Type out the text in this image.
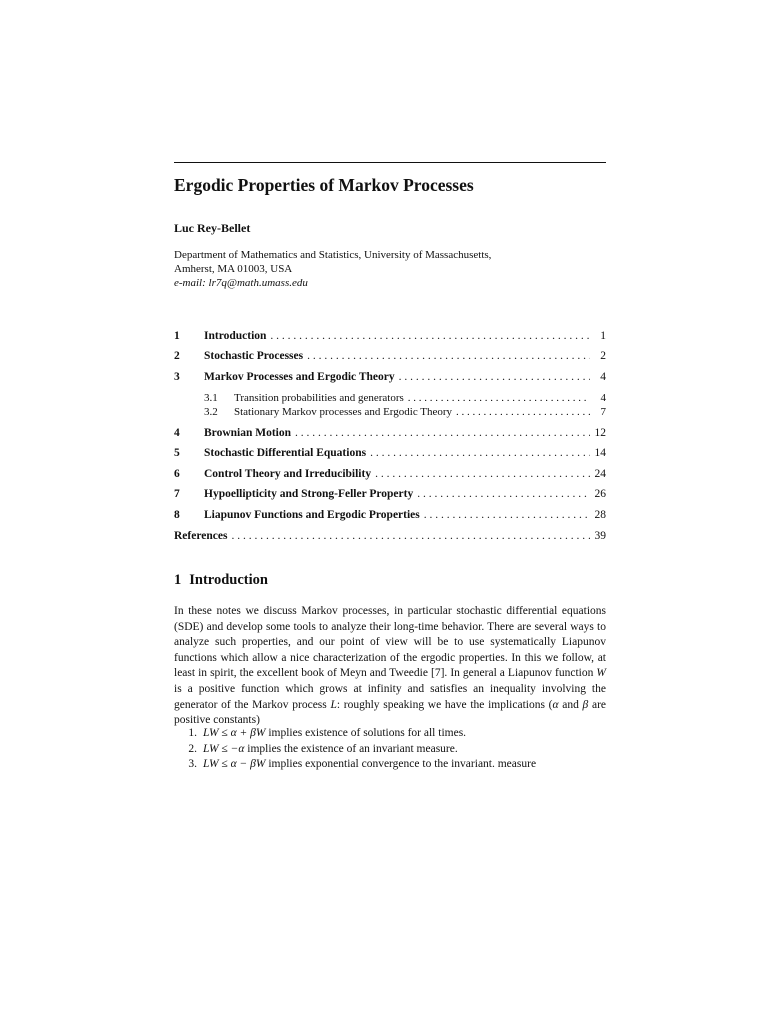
Ergodic Properties of Markov Processes
Luc Rey-Bellet
Department of Mathematics and Statistics, University of Massachusetts,
Amherst, MA 01003, USA
e-mail: lr7q@math.umass.edu
1	Introduction . . .	1
2	Stochastic Processes . . .	2
3	Markov Processes and Ergodic Theory . . .	4
3.1	Transition probabilities and generators . . .	4
3.2	Stationary Markov processes and Ergodic Theory . . .	7
4	Brownian Motion . . .	12
5	Stochastic Differential Equations . . .	14
6	Control Theory and Irreducibility . . .	24
7	Hypoellipticity and Strong-Feller Property . . .	26
8	Liapunov Functions and Ergodic Properties . . .	28
References . . .	39
1 Introduction
In these notes we discuss Markov processes, in particular stochastic differential equations (SDE) and develop some tools to analyze their long-time behavior. There are several ways to analyze such properties, and our point of view will be to use systematically Liapunov functions which allow a nice characterization of the ergodic properties. In this we follow, at least in spirit, the excellent book of Meyn and Tweedie [7]. In general a Liapunov function W is a positive function which grows at infinity and satisfies an inequality involving the generator of the Markov process L: roughly speaking we have the implications (α and β are positive constants)
1. LW ≤ α + βW implies existence of solutions for all times.
2. LW ≤ −α implies the existence of an invariant measure.
3. LW ≤ α − βW implies exponential convergence to the invariant. measure
